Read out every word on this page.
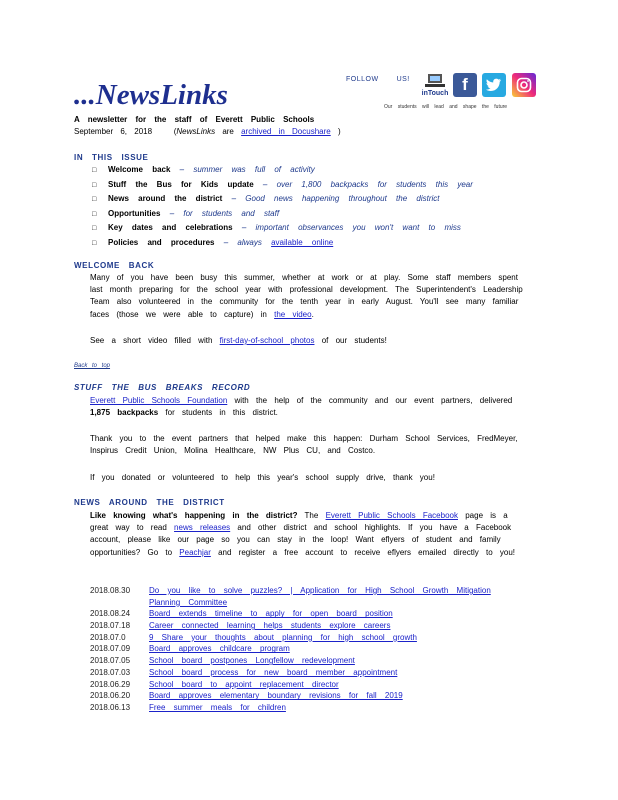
...NewsLinks	FOLLOW	US!
Our students will lead and shape the future
inTouch f
A newsletter for the staff of Everett Public Schools
September 6, 2018	(NewsLinks are archived in Docushare )
IN THIS ISSUE
□ Welcome back – summer was full of activity
□ Stuff the Bus for Kids update – over 1,800 backpacks for students this year
□ News around the district – Good news happening throughout the district
□ Opportunities – for students and staff
□ Key dates and celebrations – important observances you won't want to miss
□ Policies and procedures – always available online
WELCOME BACK
Many of you have been busy this summer, whether at work or at play. Some staff members spent last month preparing for the school year with professional development. The Superintendent's Leadership Team also volunteered in the community for the tenth year in early August. You'll see many familiar faces (those we were able to capture) in the video.
See a short video filled with first-day-of-school photos of our students!
Back to top
STUFF THE BUS BREAKS RECORD
Everett Public Schools Foundation with the help of the community and our event partners, delivered 1,875 backpacks for students in this district.
Thank you to the event partners that helped make this happen: Durham School Services, FredMeyer, Inspirus Credit Union, Molina Healthcare, NW Plus CU, and Costco.
If you donated or volunteered to help this year's school supply drive, thank you!
NEWS AROUND THE DISTRICT
Like knowing what's happening in the district? The Everett Public Schools Facebook page is a great way to read news releases and other district and school highlights. If you have a Facebook account, please like our page so you can stay in the loop! Want eflyers of student and family opportunities? Go to Peachjar and register a free account to receive eflyers emailed directly to you!
2018.08.30	Do you like to solve puzzles? | Application for High School Growth Mitigation
Planning Committee
2018.08.24	Board extends timeline to apply for open board position
2018.07.18	Career connected learning helps students explore careers
2018.07.0	9 Share your thoughts about planning for high school growth
2018.07.09	Board approves childcare program
2018.07.05	School board postpones Longfellow redevelopment
2018.07.03	School board process for new board member appointment
2018.06.29	School board to appoint replacement director
2018.06.20	Board approves elementary boundary revisions for fall 2019
2018.06.13	Free summer meals for children
